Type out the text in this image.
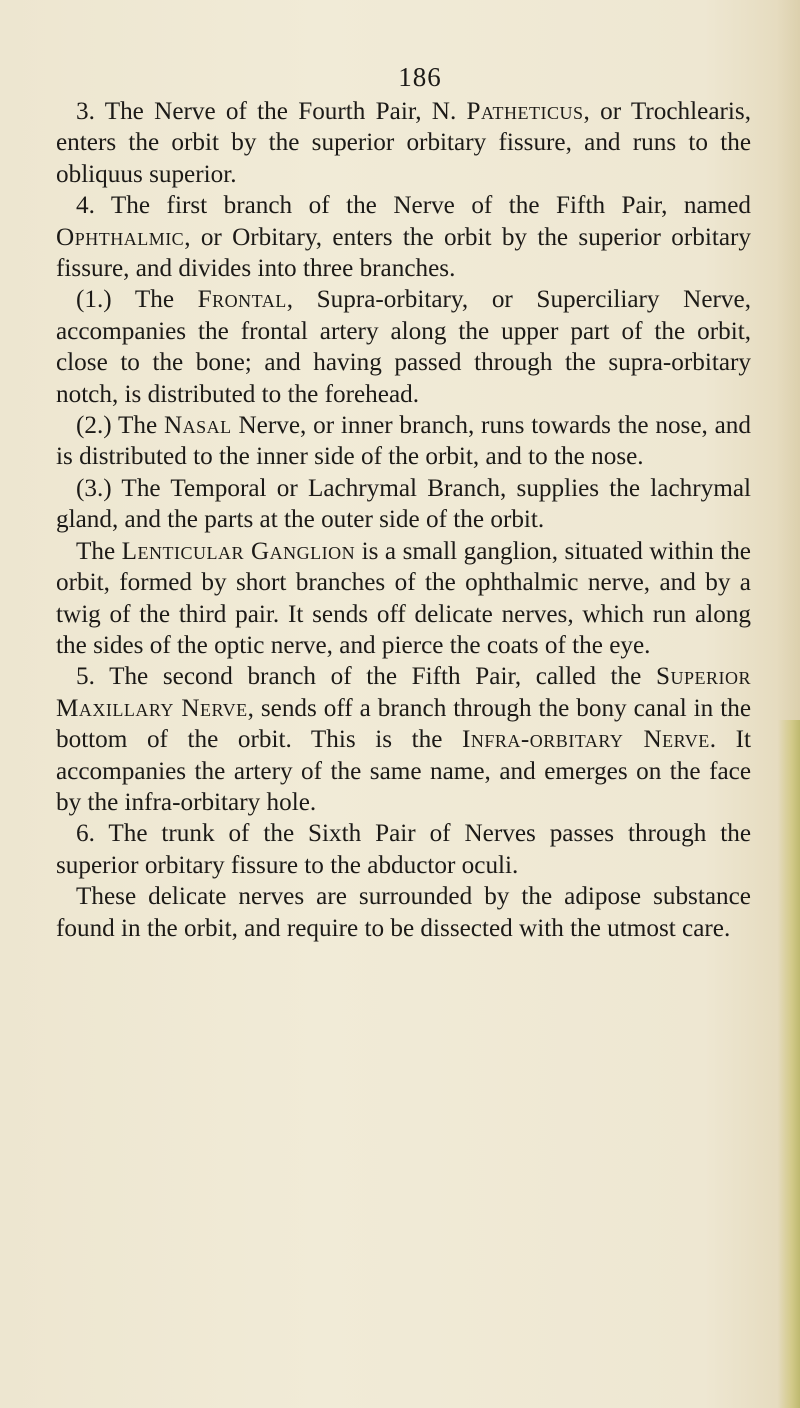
186

3. The Nerve of the Fourth Pair, N. Patheticus, or Trochlearis, enters the orbit by the superior orbitary fissure, and runs to the obliquus superior.

4. The first branch of the Nerve of the Fifth Pair, named Ophthalmic, or Orbitary, enters the orbit by the superior orbitary fissure, and divides into three branches.

(1.) The Frontal, Supra-orbitary, or Superciliary Nerve, accompanies the frontal artery along the upper part of the orbit, close to the bone; and having passed through the supra-orbitary notch, is distributed to the forehead.

(2.) The Nasal Nerve, or inner branch, runs towards the nose, and is distributed to the inner side of the orbit, and to the nose.

(3.) The Temporal or Lachrymal Branch, supplies the lachrymal gland, and the parts at the outer side of the orbit.

The Lenticular Ganglion is a small ganglion, situated within the orbit, formed by short branches of the ophthalmic nerve, and by a twig of the third pair. It sends off delicate nerves, which run along the sides of the optic nerve, and pierce the coats of the eye.

5. The second branch of the Fifth Pair, called the Superior Maxillary Nerve, sends off a branch through the bony canal in the bottom of the orbit. This is the Infra-orbitary Nerve. It accompanies the artery of the same name, and emerges on the face by the infra-orbitary hole.

6. The trunk of the Sixth Pair of Nerves passes through the superior orbitary fissure to the abductor oculi.

These delicate nerves are surrounded by the adipose substance found in the orbit, and require to be dissected with the utmost care.
